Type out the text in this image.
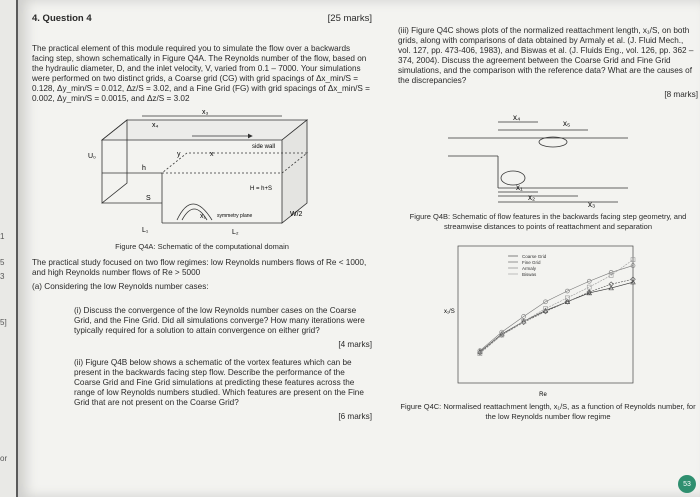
1
5
3
5]
or
4. Question 4	[25 marks]

The practical element of this module required you to simulate the flow over a backwards facing step, shown schematically in Figure Q4A. The Reynolds number of the flow, based on the hydraulic diameter, D, and the inlet velocity, V, varied from 0.1 – 7000. Your simulations were performed on two distinct grids, a Coarse grid (CG) with grid spacings of Δx_min/S = 0.128, Δy_min/S = 0.012, Δz/S = 3.02, and a Fine Grid (FG) with grid spacings of Δx_min/S = 0.002, Δy_min/S = 0.0015, and Δz/S = 3.02

x₃
x₄
y	x
U₀
h
S
x₁
L₁	L₂
side wall
H = h+S
symmetry plane	W/2
Figure Q4A: Schematic of the computational domain

The practical study focused on two flow regimes: low Reynolds numbers flows of Re < 1000, and high Reynolds number flows of Re > 5000

(a) Considering the low Reynolds number cases:

(i) Discuss the convergence of the low Reynolds number cases on the Coarse Grid, and the Fine Grid. Did all simulations converge? How many iterations were typically required for a solution to attain convergence on either grid?

[4 marks]

(ii) Figure Q4B below shows a schematic of the vortex features which can be present in the backwards facing step flow. Describe the performance of the Coarse Grid and Fine Grid simulations at predicting these features across the range of low Reynolds numbers studied. Which features are present on the Fine Grid that are not present on the Coarse Grid?

[6 marks]

(iii) Figure Q4C shows plots of the normalized reattachment length, x₁/S, on both grids, along with comparisons of data obtained by Armaly et al. (J. Fluid Mech., vol. 127, pp. 473-406, 1983), and Biswas et al. (J. Fluids Eng., vol. 126, pp. 362 – 374, 2004). Discuss the agreement between the Coarse Grid and Fine Grid simulations, and the comparison with the reference data? What are the causes of the discrepancies?

[8 marks]
x₅
x₄
x₁
x₂
x₃
Figure Q4B: Schematic of flow features in the backwards facing step geometry, and streamwise distances to points of reattachment and separation
Coarse Grid
Fine Grid
Armaly
Biswas
Re
x₁/S
Figure Q4C: Normalised reattachment length, x₁/S, as a function of Reynolds number, for the low Reynolds number flow regime
53
